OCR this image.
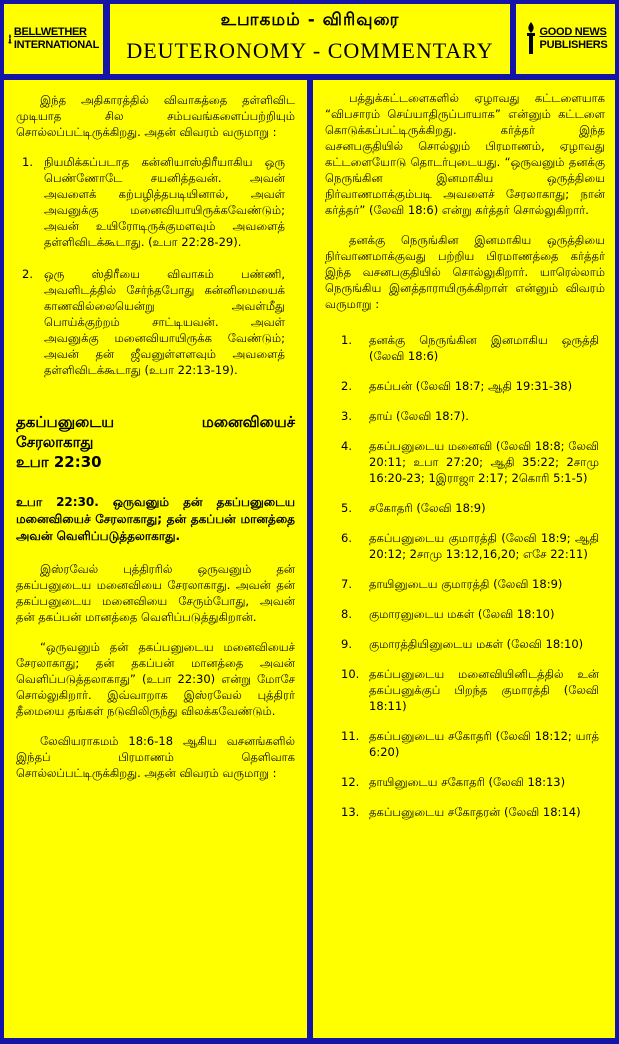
BELLWETHER
INTERNATIONAL
உபாகமம் - விரிவுரை
DEUTERONOMY - COMMENTARY
GOOD NEWS
PUBLISHERS

இந்த அதிகாரத்தில் விவாகத்தை தள்ளிவிட முடியாத சில சம்பவங்களைப்பற்றியும் சொல்லப்பட்டிருக்கிறது. அதன் விவரம் வருமாறு :

1. நியமிக்கப்படாத கன்னியாஸ்திரீயாகிய ஒரு பெண்ணோடே சயனித்தவன். அவன் அவளைக் கற்பழித்தபடியினால், அவள் அவனுக்கு மனைவியாயிருக்கவேண்டும்; அவன் உயிரோடிருக்குமளவும் அவளைத் தள்ளிவிடக்கூடாது. (உபா 22:28-29).
2. ஒரு ஸ்திரீயை விவாகம் பண்ணி, அவளிடத்தில் சேர்ந்தபோது கன்னிமையைக் காணவில்லையென்று அவள்மீது பொய்க்குற்றம் சாட்டியவன். அவள் அவனுக்கு மனைவியாயிருக்க வேண்டும்; அவன் தன் ஜீவனுள்ளளவும் அவளைத் தள்ளிவிடக்கூடாது (உபா 22:13-19).
தகப்பனுடைய மனைவியைச்
சேரலாகாது
உபா 22:30

உபா 22:30. ஒருவனும் தன் தகப்பனுடைய மனைவியைச் சேரலாகாது; தன் தகப்பன் மானத்தை அவன் வெளிப்படுத்தலாகாது.

இஸ்ரவேல் புத்திரரில் ஒருவனும் தன் தகப்பனுடைய மனைவியை சேரலாகாது. அவன் தன் தகப்பனுடைய மனைவியை சேரும்போது, அவன் தன் தகப்பன் மானத்தை வெளிப்படுத்துகிறான்.

“ஒருவனும் தன் தகப்பனுடைய மனைவியைச் சேரலாகாது; தன் தகப்பன் மானத்தை அவன் வெளிப்படுத்தலாகாது” (உபா 22:30) என்று மோசே சொல்லுகிறார். இவ்வாறாக இஸ்ரவேல் புத்திரர் தீமையை தங்கள் நடுவிலிருந்து விலக்கவேண்டும்.

லேவியராகமம் 18:6-18 ஆகிய வசனங்களில் இந்தப் பிரமாணம் தெளிவாக சொல்லப்பட்டிருக்கிறது. அதன் விவரம் வருமாறு :

பத்துக்கட்டளைகளில் ஏழாவது கட்டளையாக “விபசாரம் செய்யாதிருப்பாயாக” என்னும் கட்டளை கொடுக்கப்பட்டிருக்கிறது. கர்த்தர் இந்த வசனபகுதியில் சொல்லும் பிரமாணம், ஏழாவது கட்டளையோடு தொடர்புடையது. “ஒருவனும் தனக்கு நெருங்கின இனமாகிய ஒருத்தியை நிர்வாணமாக்கும்படி அவளைச் சேரலாகாது; நான் கர்த்தர்” (லேவி 18:6) என்று கர்த்தர் சொல்லுகிறார்.

தனக்கு நெருங்கின இனமாகிய ஒருத்தியை நிர்வாணமாக்குவது பற்றிய பிரமாணத்தை கர்த்தர் இந்த வசனபகுதியில் சொல்லுகிறார். யாரெல்லாம் நெருங்கிய இனத்தாராயிருக்கிறாள் என்னும் விவரம் வருமாறு :

1.	தனக்கு நெருங்கின இனமாகிய ஒருத்தி (லேவி 18:6)
2.	தகப்பன் (லேவி 18:7; ஆதி 19:31-38)
3.	தாய் (லேவி 18:7).
4.	தகப்பனுடைய மனைவி (லேவி 18:8; லேவி 20:11; உபா 27:20; ஆதி 35:22; 2சாமு 16:20-23; 1இராஜா 2:17; 2கொரி 5:1-5)
5.	சகோதரி (லேவி 18:9)
6.	தகப்பனுடைய குமாரத்தி (லேவி 18:9; ஆதி 20:12; 2சாமு 13:12,16,20; எசே 22:11)
7.	தாயினுடைய குமாரத்தி (லேவி 18:9)
8.	குமாரனுடைய மகள் (லேவி 18:10)
9.	குமாரத்தியினுடைய மகள் (லேவி 18:10)
10. தகப்பனுடைய மனைவியினிடத்தில் உன் தகப்பனுக்குப் பிறந்த குமாரத்தி (லேவி 18:11)
11. தகப்பனுடைய சகோதரி (லேவி 18:12; யாத் 6:20)
12. தாயினுடைய சகோதரி (லேவி 18:13)
13. தகப்பனுடைய சகோதரன் (லேவி 18:14)
